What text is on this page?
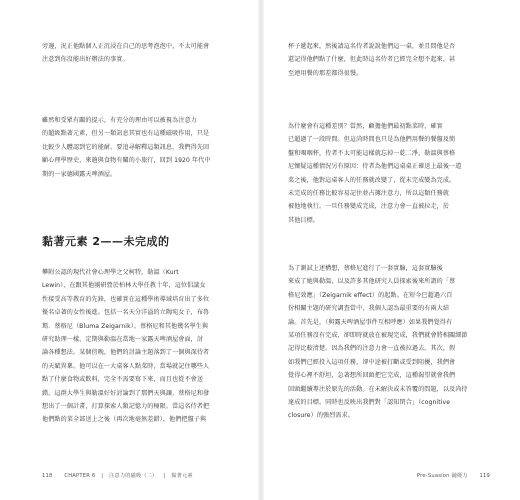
旁邊，況正他點個人正沉浸在自己的思考泡泡中，不太可能會
注意到你沒能出好辦法的事實。
雖然和受眾有關的提示，有充分的理由可以被視為注意力
的超級點著元素，但另一類訊息其實也有這種磁吸作用，只是
比較少人體認到它的能耐。要追尋解釋這類訊息，我們得先回
顧心理學歷史，來趟與食物有關的小旅行，回到 1920 年代中
期的一家德國露天啤酒屋。
黏著元素 2——未完成的
攀附公認的現代社會心理學之父柯特，勒溫（Kurt
Lewin），在跟其他團研營於柏林大學任教十年，這位倡議女
性接受高等教育的先鋒，也確實在這種學術導域培育出了多位
優名卓著的女性後進。包括一名天分洋溢的立陶宛女子，布魯
瑪．蔡格尼（Bluma Zeigarnik）。蔡格尼和其他幾名學生與
研究助理一樣，定期與勒溫在當地一家露天啤酒屋會面，討
論各種想法。某個傍晚，他們的討論主題落到了一個與深待者
的天賦異稟。他可以在一大桌客人點菜時，當場就記住哪些人
點了什麼食物或飲料，完全不需要寫下來，而且也從不會送
錯。這群大學生與勒溫好好討論到了那們天與讓，蔡格尼和發
想出了一個計畫，打算探索人類記憶力的極限。當這名侍者把
他們點的菜全部送上之後（再次地毫無差錯），他們把盤子與
118 CHAPTER 6 | 注意力的磁吸（二） | 黏著元素
杯子遞起來，然後請這名侍者說說他們這一桌，並且問他是否
還記得他們點了什麼，但此時這名侍者已經完全想不起來，甚
至連用餐的那差都得很慢。
為什麼會有這種差別？當然，顧擔他們最初點菜時，確實
已超過了一段時間。但這尚時間也只是為他們用餐的餐盤及簡
盤和喝咽杯，侍者不太可能這樣就忘掉一乾二淨，勒溫與蔡格
尼懷疑這種情況另有原因：侍者為他們這桌桌正確送上最後一道
菜之後，他對這桌客人的任務就改變了，從未完成變為完成。
未完成的任務比較容易記住並占據注意力，所以這類任務就
被他地執行。一旦任務變成完成，注意力會一直被拉走，於
其他目標。
為了測試上述構想，蔡格尼進行了一套實驗，這套實驗後
來成了她與勒溫，以及許多其他研究人員探索後來所謂的「蔡
格尼效應」（Zeigarnik effect）的起點。在短今已超過六百
份相關主題的研究調查當中，我個人認為最重要的有兩大結
論。首先是，（與露天啤酒屋事件互相呼應）如果我們覺得有
某項任務沒有完成，卻即時就放在被現完成，我們就會將相關細節
記得比較清楚。因為我們的注意力會一直被拉過去。其次，假
如我們已經投入這項任務，卻中途被打斷或受到阻擾，我們會
覺得心裡不舒坦，急著想所回頭把它完成，這種渴望就會我們
回頭繼續專注於原先的活動。在未解決或未答覆的問題，以及尚待
達成的目標，同時也反映出我們對「認知閉合」（cognitive
closure）的強烈需求。
Pre-Suasion 鋪梗力 119
